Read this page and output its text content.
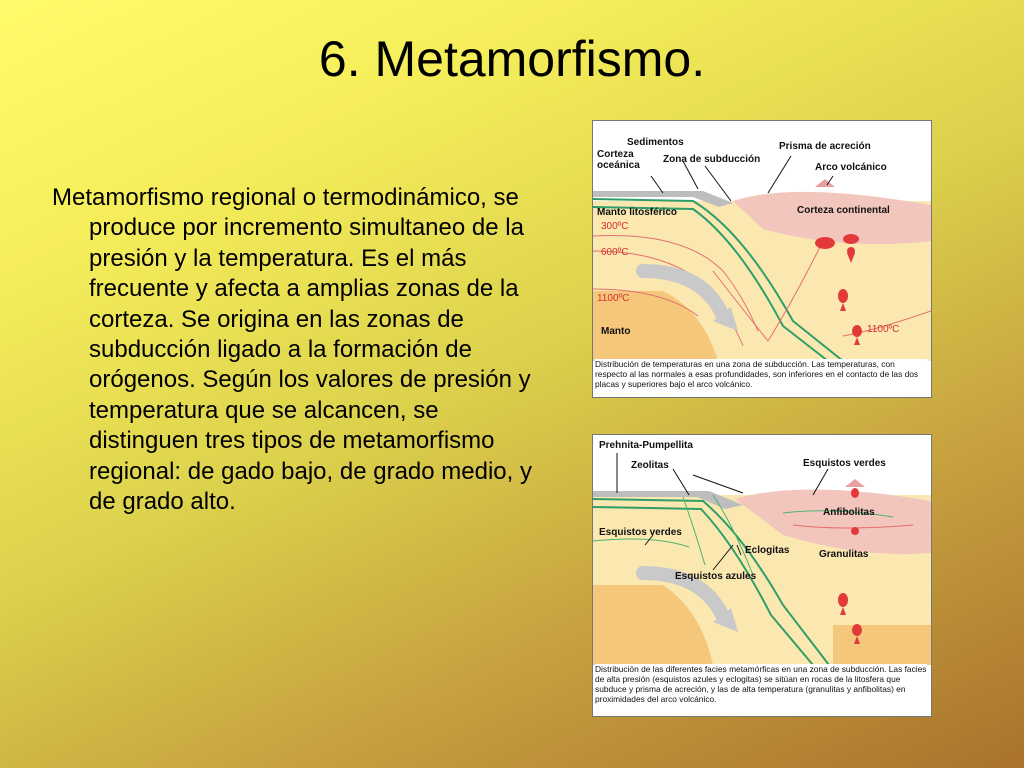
6. Metamorfismo.
Metamorfismo regional o termodinámico, se produce por incremento simultaneo de la presión y la temperatura. Es el más frecuente y afecta a amplias zonas de la corteza. Se origina en las zonas de subducción ligado a la formación de orógenos. Según los valores de presión y temperatura que se alcancen, se distinguen tres tipos de metamorfismo regional: de gado bajo, de grado medio, y de grado alto.
Sedimentos
Corteza
oceánica
Zona de subducción
Prisma de acreción
Arco volcánico
Manto litosférico	Corteza continental
Manto
300ºC
600ºC
1100ºC
1100ºC
Distribución de temperaturas en una zona de subducción. Las temperaturas, con respecto al las normales a esas profundidades, son inferiores en el contacto de las dos placas y superiores bajo el arco volcánico.
Prehnita-Pumpellita
Zeolitas	Esquistos verdes
Anfibolitas
Esquistos verdes
Eclogitas	Granulitas
Esquistos azules
Distribución de las diferentes facies metamórficas en una zona de subducción. Las facies de alta presión (esquistos azules y eclogitas) se sitúan en rocas de la litosfera que subduce y prisma de acreción, y las de alta temperatura (granulitas y anfibolitas) en proximidades del arco volcánico.
